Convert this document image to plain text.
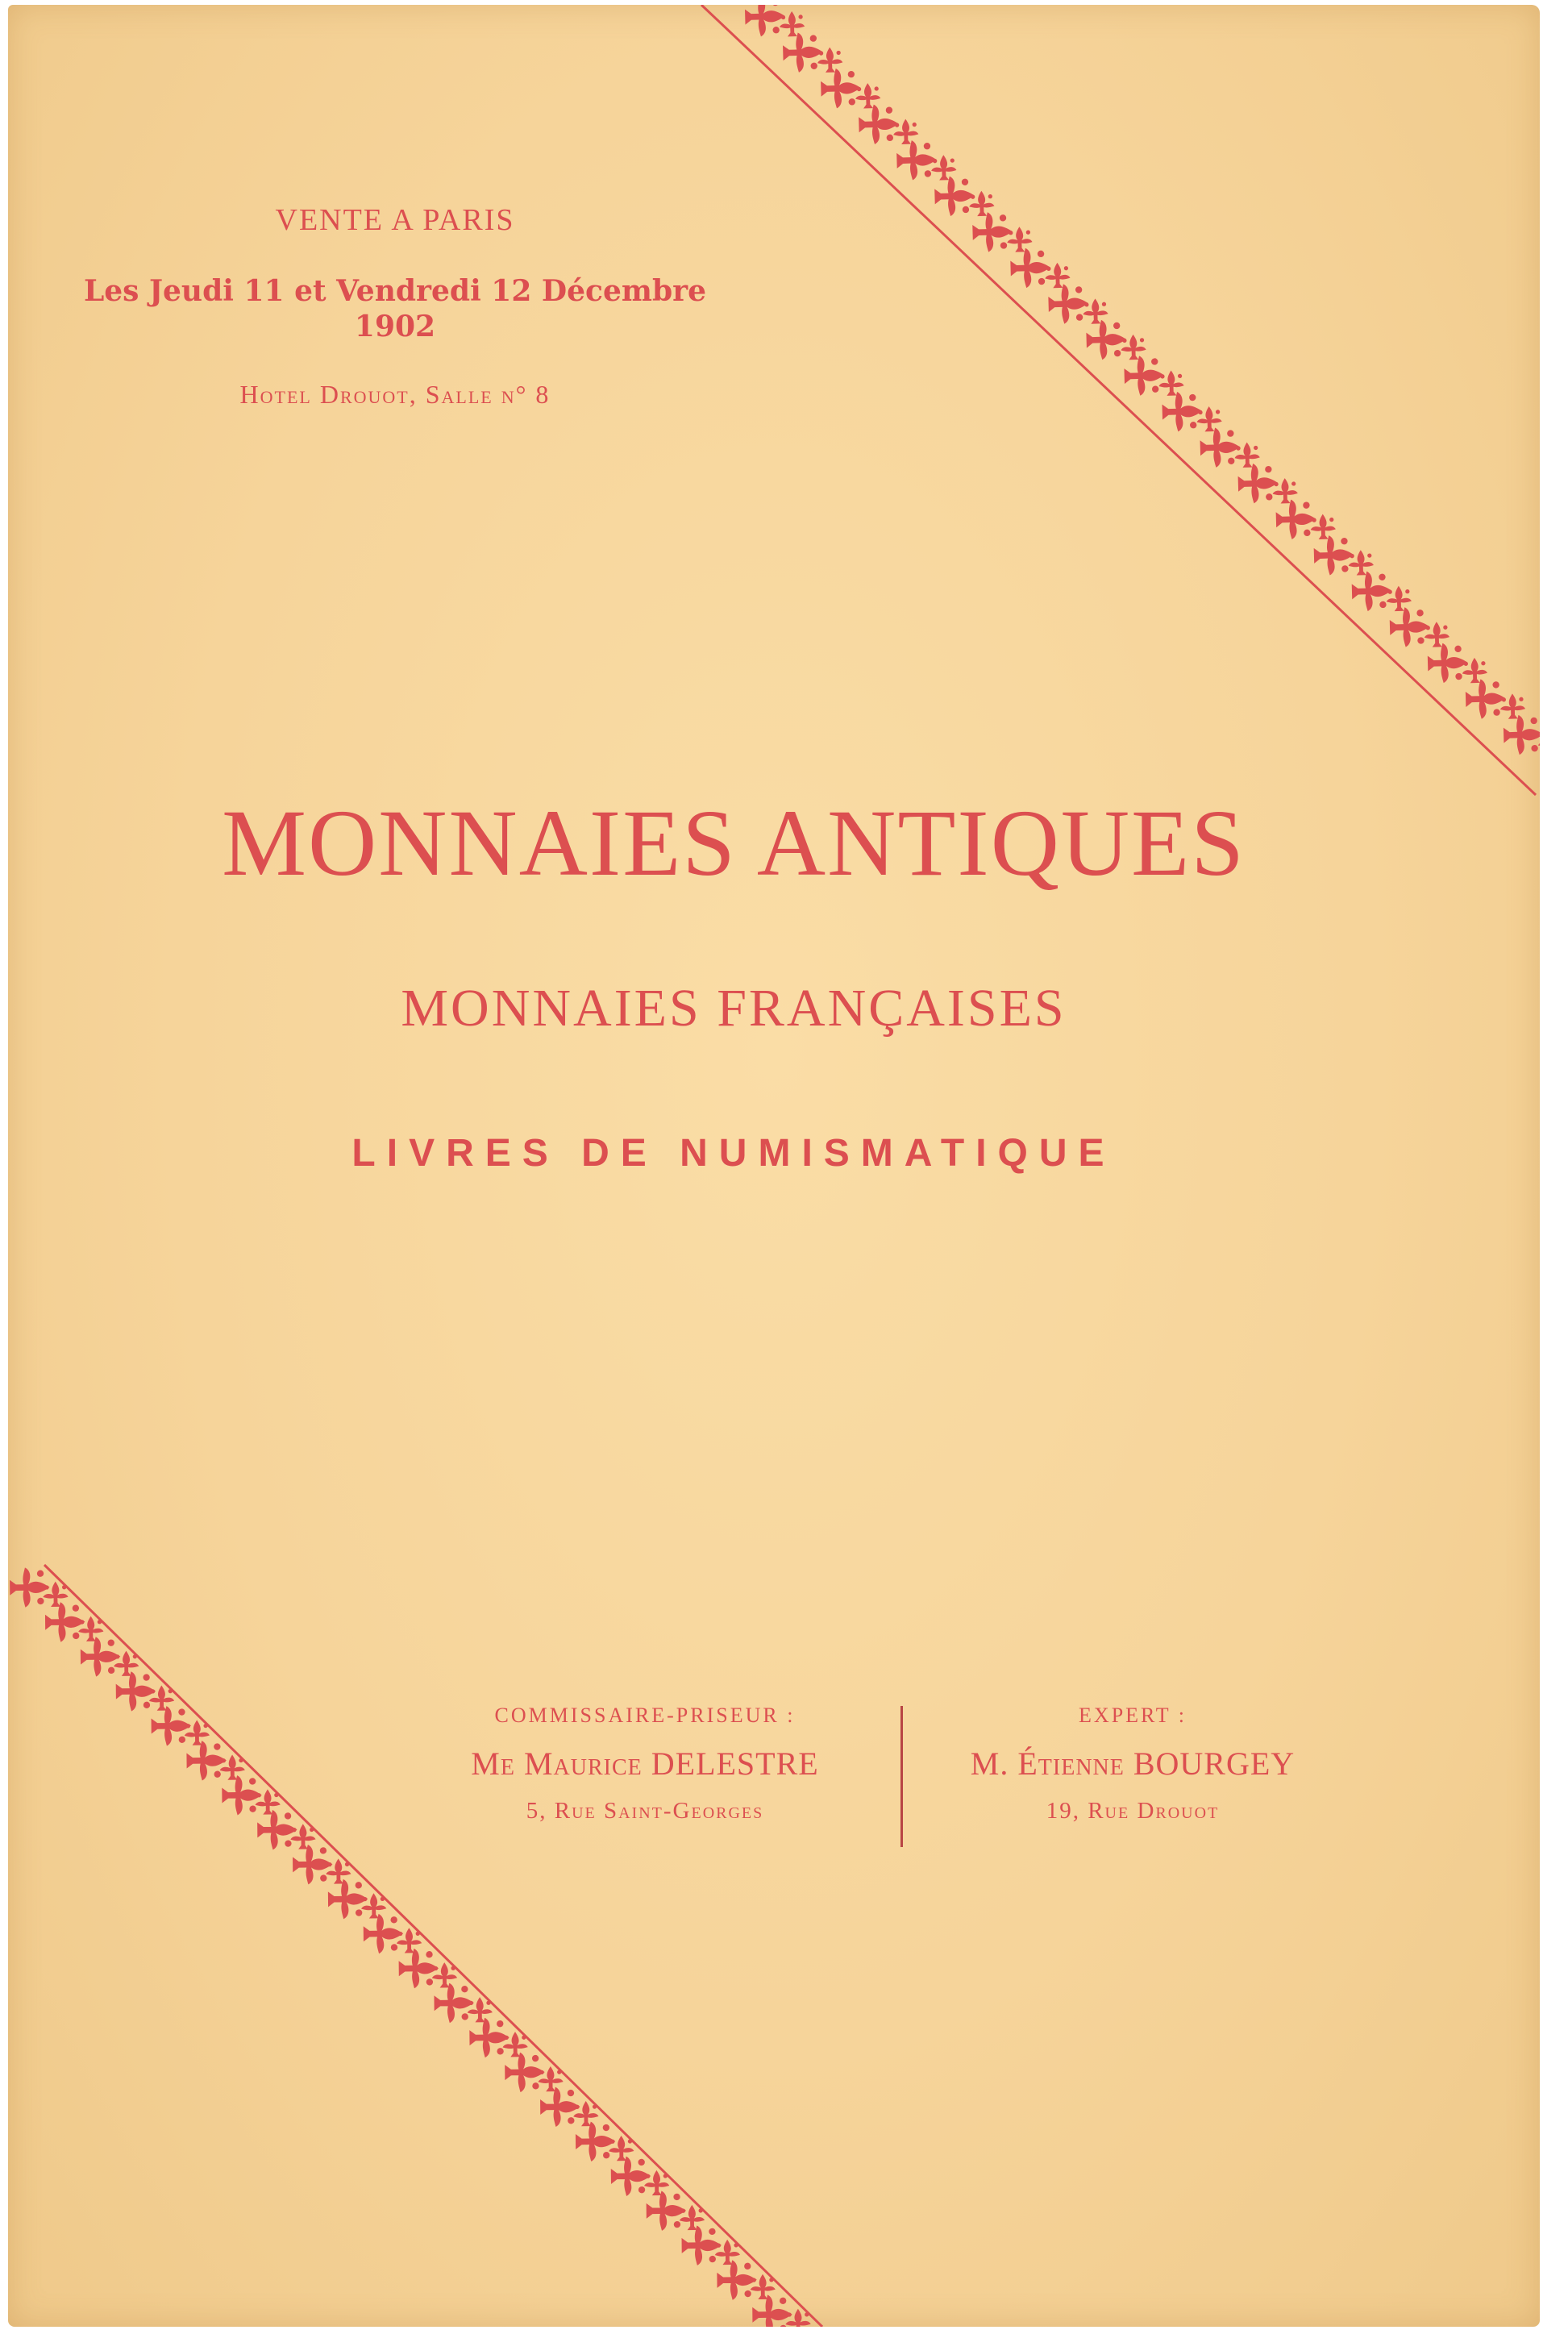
VENTE A PARIS
Les Jeudi 11 et Vendredi 12 Décembre 1902
Hotel Drouot, Salle n° 8
MONNAIES ANTIQUES
MONNAIES FRANÇAISES
LIVRES DE NUMISMATIQUE
COMMISSAIRE-PRISEUR :
Me Maurice DELESTRE
5, Rue Saint-Georges
EXPERT :
M. Étienne BOURGEY
19, Rue Drouot
